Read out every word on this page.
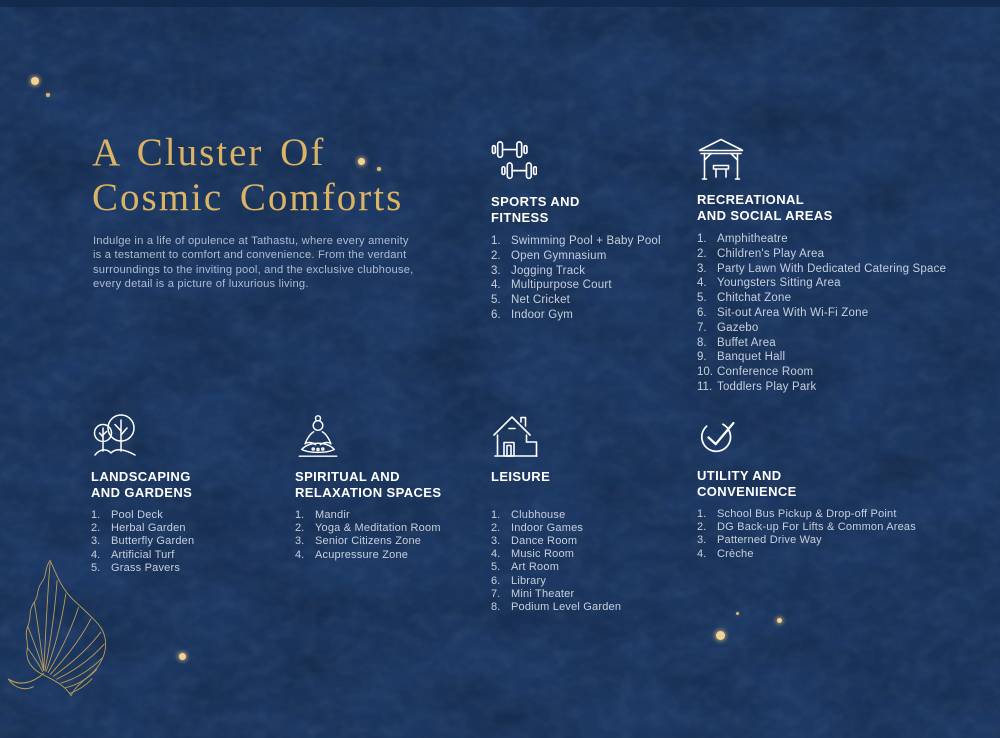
A Cluster Of
Cosmic Comforts
Indulge in a life of opulence at Tathastu, where every amenity is a testament to comfort and convenience. From the verdant surroundings to the inviting pool, and the exclusive clubhouse, every detail is a picture of luxurious living.
SPORTS AND
FITNESS
1. Swimming Pool + Baby Pool
2. Open Gymnasium
3. Jogging Track
4. Multipurpose Court
5. Net Cricket
6. Indoor Gym
RECREATIONAL
AND SOCIAL AREAS
1. Amphitheatre
2. Children's Play Area
3. Party Lawn With Dedicated Catering Space
4. Youngsters Sitting Area
5. Chitchat Zone
6. Sit-out Area With Wi-Fi Zone
7. Gazebo
8. Buffet Area
9. Banquet Hall
10. Conference Room
11. Toddlers Play Park
LANDSCAPING
AND GARDENS
1. Pool Deck
2. Herbal Garden
3. Butterfly Garden
4. Artificial Turf
5. Grass Pavers
SPIRITUAL AND
RELAXATION SPACES
1. Mandir
2. Yoga & Meditation Room
3. Senior Citizens Zone
4. Acupressure Zone
LEISURE
1. Clubhouse
2. Indoor Games
3. Dance Room
4. Music Room
5. Art Room
6. Library
7. Mini Theater
8. Podium Level Garden
UTILITY AND
CONVENIENCE
1. School Bus Pickup & Drop-off Point
2. DG Back-up For Lifts & Common Areas
3. Patterned Drive Way
4. Crèche
